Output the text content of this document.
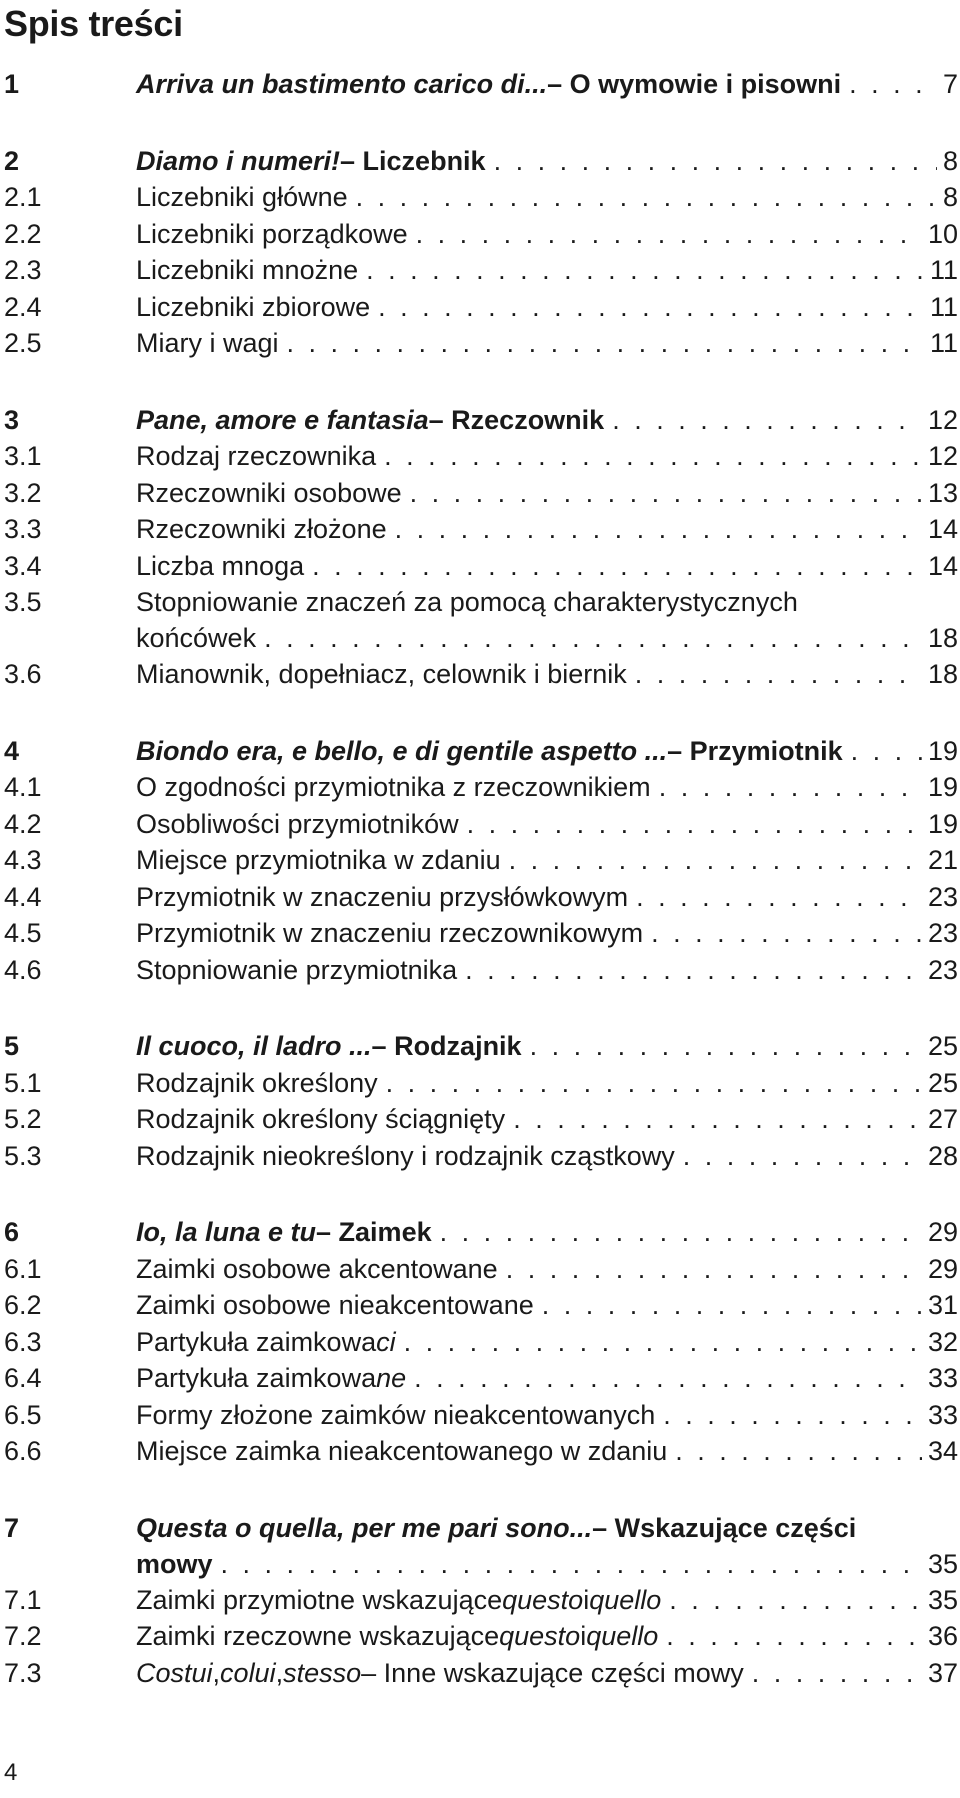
Spis treści
1	Arriva un bastimento carico di... – O wymowie i pisowni . . .	7
2	Diamo i numeri! – Liczebnik . . .	8
2.1	Liczebniki główne . . .	8
2.2	Liczebniki porządkowe . . .	10
2.3	Liczebniki mnożne . . .	11
2.4	Liczebniki zbiorowe . . .	11
2.5	Miary i wagi . . .	11
3	Pane, amore e fantasia – Rzeczownik . . .	12
3.1	Rodzaj rzeczownika . . .	12
3.2	Rzeczowniki osobowe . . .	13
3.3	Rzeczowniki złożone . . .	14
3.4	Liczba mnoga . . .	14
3.5	Stopniowanie znaczeń za pomocą charakterystycznych
końcówek . . .	18
3.6	Mianownik, dopełniacz, celownik i biernik . . .	18
4	Biondo era, e bello, e di gentile aspetto ... – Przymiotnik . . .	19
4.1	O zgodności przymiotnika z rzeczownikiem . . .	19
4.2	Osobliwości przymiotników . . .	19
4.3	Miejsce przymiotnika w zdaniu . . .	21
4.4	Przymiotnik w znaczeniu przysłówkowym . . .	23
4.5	Przymiotnik w znaczeniu rzeczownikowym . . .	23
4.6	Stopniowanie przymiotnika . . .	23
5	Il cuoco, il ladro ... – Rodzajnik . . .	25
5.1	Rodzajnik określony . . .	25
5.2	Rodzajnik określony ściągnięty . . .	27
5.3	Rodzajnik nieokreślony i rodzajnik cząstkowy . . .	28
6	Io, la luna e tu – Zaimek . . .	29
6.1	Zaimki osobowe akcentowane . . .	29
6.2	Zaimki osobowe nieakcentowane . . .	31
6.3	Partykuła zaimkowa ci . . .	32
6.4	Partykuła zaimkowa ne . . .	33
6.5	Formy złożone zaimków nieakcentowanych . . .	33
6.6	Miejsce zaimka nieakcentowanego w zdaniu . . .	34
7	Questa o quella, per me pari sono... – Wskazujące części
mowy . . .	35
7.1	Zaimki przymiotne wskazujące questo i quello . . .	35
7.2	Zaimki rzeczowne wskazujące questo i quello . . .	36
7.3	Costui , colui , stesso – Inne wskazujące części mowy . . .	37
4
